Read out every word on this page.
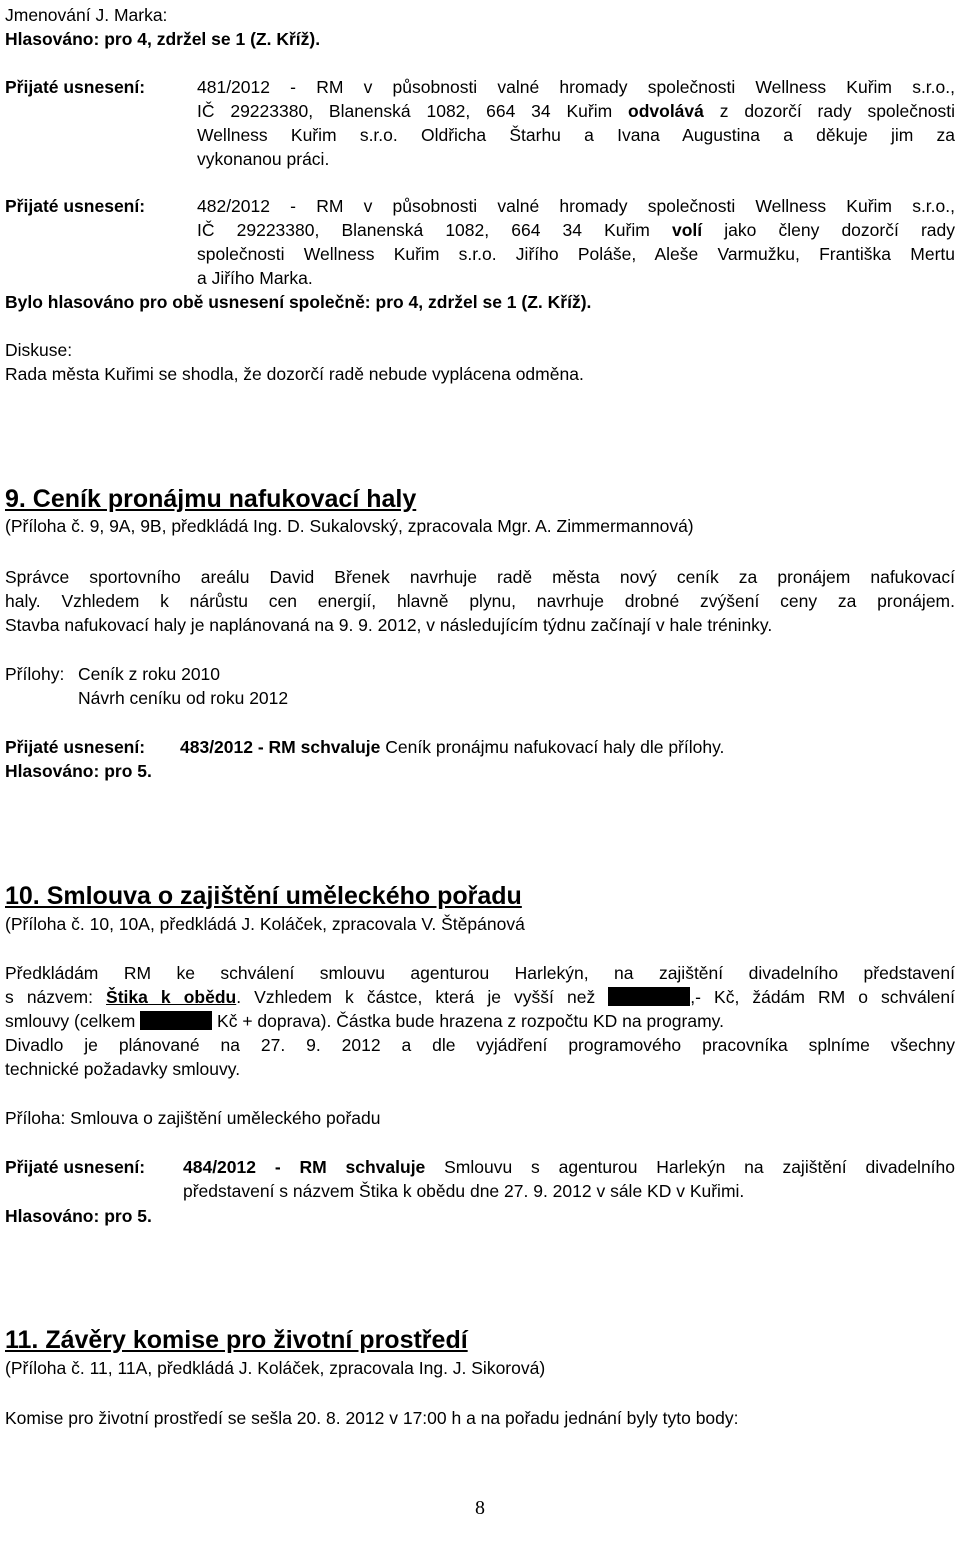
Jmenování J. Marka:
Hlasováno: pro 4, zdržel se 1 (Z. Kříž).
Přijaté usnesení:	481/2012 - RM v působnosti valné hromady společnosti Wellness Kuřim s.r.o.,
IČ 29223380, Blanenská 1082, 664 34 Kuřim odvolává z dozorčí rady společnosti
Wellness Kuřim s.r.o. Oldřicha Štarhu a Ivana Augustina a děkuje jim za
vykonanou práci.
Přijaté usnesení:	482/2012 - RM v působnosti valné hromady společnosti Wellness Kuřim s.r.o.,
IČ 29223380, Blanenská 1082, 664 34 Kuřim volí jako členy dozorčí rady
společnosti Wellness Kuřim s.r.o. Jiřího Poláše, Aleše Varmužku, Františka Mertu
a Jiřího Marka.
Bylo hlasováno pro obě usnesení společně: pro 4, zdržel se 1 (Z. Kříž).
Diskuse:
Rada města Kuřimi se shodla, že dozorčí radě nebude vyplácena odměna.
9. Ceník pronájmu nafukovací haly
(Příloha č. 9, 9A, 9B, předkládá Ing. D. Sukalovský, zpracovala Mgr. A. Zimmermannová)
Správce sportovního areálu David Břenek navrhuje radě města nový ceník za pronájem nafukovací
haly. Vzhledem k nárůstu cen energií, hlavně plynu, navrhuje drobné zvýšení ceny za pronájem.
Stavba nafukovací haly je naplánovaná na 9. 9. 2012, v následujícím týdnu začínají v hale tréninky.
Přílohy: Ceník z roku 2010
Návrh ceníku od roku 2012
Přijaté usnesení: 483/2012 - RM schvaluje Ceník pronájmu nafukovací haly dle přílohy.
Hlasováno: pro 5.
10. Smlouva o zajištění uměleckého pořadu
(Příloha č. 10, 10A, předkládá J. Koláček, zpracovala V. Štěpánová
Předkládám RM ke schválení smlouvu agenturou Harlekýn, na zajištění divadelního představení
s názvem: Štika k obědu. Vzhledem k částce, která je vyšší než	,- Kč, žádám RM o schválení
smlouvy (celkem	Kč + doprava). Částka bude hrazena z rozpočtu KD na programy.
Divadlo je plánované na 27. 9. 2012 a dle vyjádření programového pracovníka splníme všechny
technické požadavky smlouvy.
Příloha: Smlouva o zajištění uměleckého pořadu
Přijaté usnesení:	484/2012 - RM schvaluje Smlouvu s agenturou Harlekýn na zajištění divadelního
představení s názvem Štika k obědu dne 27. 9. 2012 v sále KD v Kuřimi.
Hlasováno: pro 5.
11. Závěry komise pro životní prostředí
(Příloha č. 11, 11A, předkládá J. Koláček, zpracovala Ing. J. Sikorová)
Komise pro životní prostředí se sešla 20. 8. 2012 v 17:00 h a na pořadu jednání byly tyto body:
8
